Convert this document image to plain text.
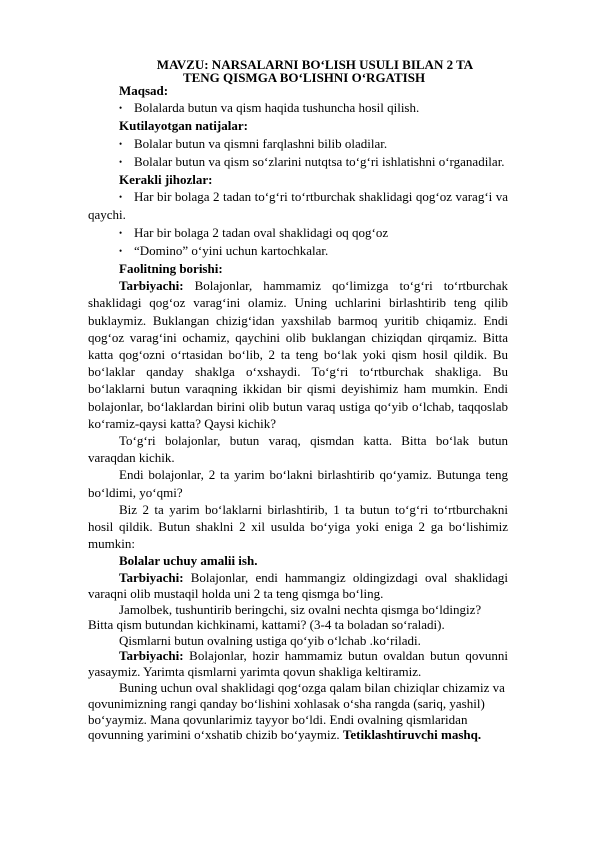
MAVZU: NARSALARNI BO‘LISH USULI BILAN 2 TA
TENG QISMGA BO‘LISHNI O‘RGATISH

Maqsad:

• Bolalarda butun va qism haqida tushuncha hosil qilish.

Kutilayotgan natijalar:

• Bolalar butun va qismni farqlashni bilib oladilar.

• Bolalar butun va qism so‘zlarini nutqtsa to‘g‘ri ishlatishni o‘rganadilar.

Kerakli jihozlar:

• Har bir bolaga 2 tadan to‘g‘ri to‘rtburchak shaklidagi qog‘oz varag‘i va qaychi.

• Har bir bolaga 2 tadan oval shaklidagi oq qog‘oz

• “Domino” o‘yini uchun kartochkalar.

Faolitning borishi:

Tarbiyachi: Bolajonlar, hammamiz qo‘limizga to‘g‘ri to‘rtburchak shaklidagi qog‘oz varag‘ini olamiz. Uning uchlarini birlashtirib teng qilib buklaymiz. Buklangan chizig‘idan yaxshilab barmoq yuritib chiqamiz. Endi qog‘oz varag‘ini ochamiz, qaychini olib buklangan chiziqdan qirqamiz. Bitta katta qog‘ozni o‘rtasidan bo‘lib, 2 ta teng bo‘lak yoki qism hosil qildik. Bu bo‘laklar qanday shaklga o‘xshaydi. To‘g‘ri to‘rtburchak shakliga. Bu bo‘laklarni butun varaqning ikkidan bir qismi deyishimiz ham mumkin. Endi bolajonlar, bo‘laklardan birini olib butun varaq ustiga qo‘yib o‘lchab, taqqoslab ko‘ramiz-qaysi katta? Qaysi kichik?

To‘g‘ri bolajonlar, butun varaq, qismdan katta. Bitta bo‘lak butun varaqdan kichik.

Endi bolajonlar, 2 ta yarim bo‘lakni birlashtirib qo‘yamiz. Butunga teng bo‘ldimi, yo‘qmi?

Biz 2 ta yarim bo‘laklarni birlashtirib, 1 ta butun to‘g‘ri to‘rtburchakni hosil qildik. Butun shaklni 2 xil usulda bo‘yiga yoki eniga 2 ga bo‘lishimiz mumkin:

Bolalar uchuy amalii ish.

Tarbiyachi: Bolajonlar, endi hammangiz oldingizdagi oval shaklidagi varaqni olib mustaqil holda uni 2 ta teng qismga bo‘ling.

Jamolbek, tushuntirib beringchi, siz ovalni nechta qismga bo‘ldingiz?

Bitta qism butundan kichkinami, kattami? (3-4 ta boladan so‘raladi).

Qismlarni butun ovalning ustiga qo‘yib o‘lchab .ko‘riladi.

Tarbiyachi: Bolajonlar, hozir hammamiz butun ovaldan butun qovunni yasaymiz. Yarimta qismlarni yarimta qovun shakliga keltiramiz.

Buning uchun oval shaklidagi qog‘ozga qalam bilan chiziqlar chizamiz va qovunimizning rangi qanday bo‘lishini xohlasak o‘sha rangda (sariq, yashil) bo‘yaymiz. Mana qovunlarimiz tayyor bo‘ldi. Endi ovalning qismlaridan qovunning yarimini o‘xshatib chizib bo‘yaymiz. Tetiklashtiruvchi mashq.
